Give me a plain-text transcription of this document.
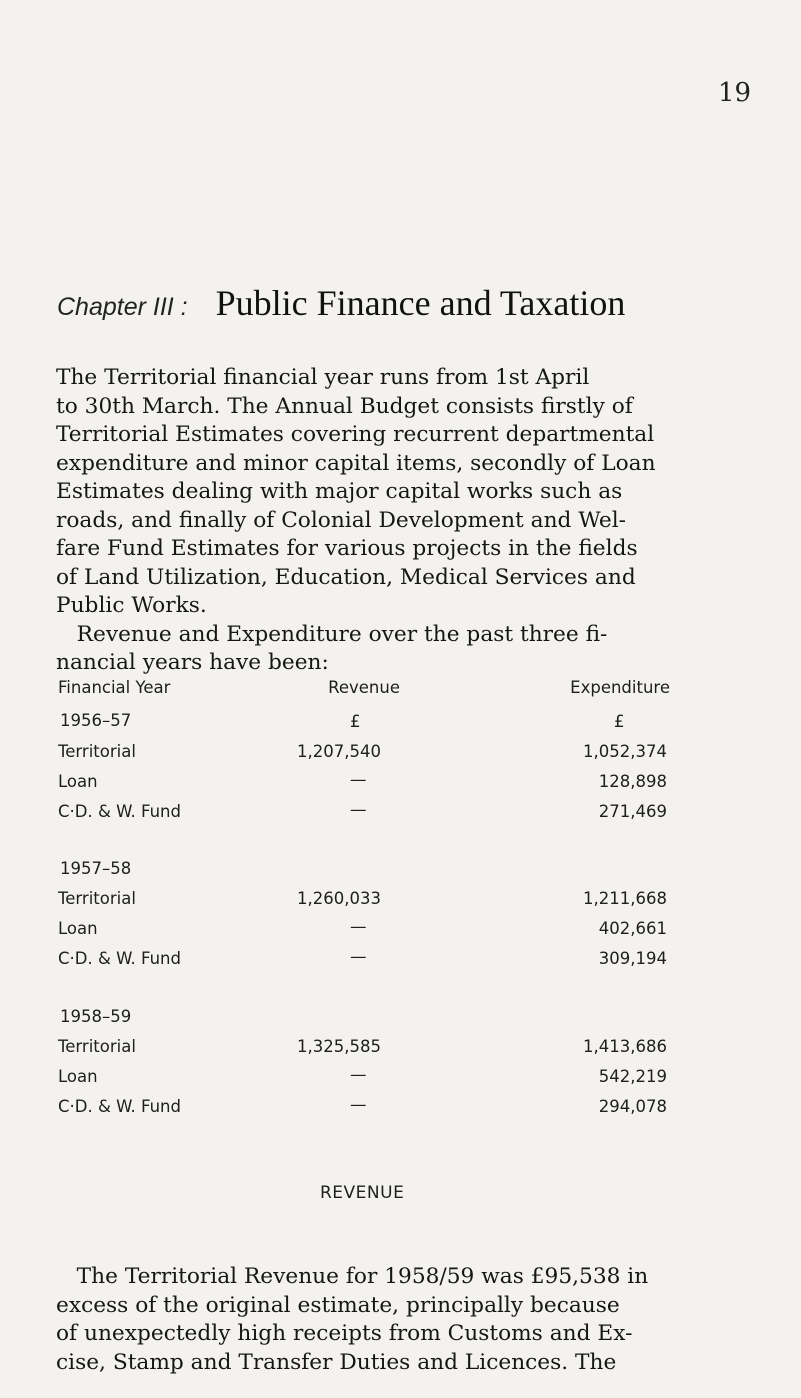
19
Chapter III : Public Finance and Taxation

The Territorial financial year runs from 1st April
to 30th March. The Annual Budget consists firstly of
Territorial Estimates covering recurrent departmental
expenditure and minor capital items, secondly of Loan
Estimates dealing with major capital works such as
roads, and finally of Colonial Development and Wel-
fare Fund Estimates for various projects in the fields
of Land Utilization, Education, Medical Services and
Public Works.
Revenue and Expenditure over the past three fi-
nancial years have been:

Financial Year	Revenue	Expenditure
1956–57	£	£
Territorial	1,207,540	1,052,374
Loan	—	128,898
C·D. & W. Fund	—	271,469
1957–58
Territorial	1,260,033	1,211,668
Loan	—	402,661
C·D. & W. Fund	—	309,194
1958–59
Territorial	1,325,585	1,413,686
Loan	—	542,219
C·D. & W. Fund	—	294,078
REVENUE

The Territorial Revenue for 1958/59 was £95,538 in
excess of the original estimate, principally because
of unexpectedly high receipts from Customs and Ex-
cise, Stamp and Transfer Duties and Licences. The
